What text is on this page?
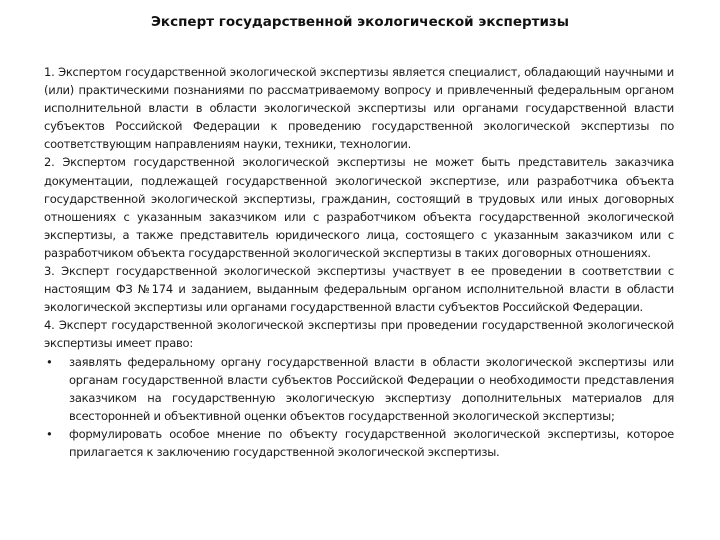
Эксперт государственной экологической экспертизы

1. Экспертом государственной экологической экспертизы является специалист, обладающий научными и (или) практическими познаниями по рассматриваемому вопросу и привлеченный федеральным органом исполнительной власти в области экологической экспертизы или органами государственной власти субъектов Российской Федерации к проведению государственной экологической экспертизы по соответствующим направлениям науки, техники, технологии.

2. Экспертом государственной экологической экспертизы не может быть представитель заказчика документации, подлежащей государственной экологической экспертизе, или разработчика объекта государственной экологической экспертизы, гражданин, состоящий в трудовых или иных договорных отношениях с указанным заказчиком или с разработчиком объекта государственной экологической экспертизы, а также представитель юридического лица, состоящего с указанным заказчиком или с разработчиком объекта государственной экологической экспертизы в таких договорных отношениях.

3. Эксперт государственной экологической экспертизы участвует в ее проведении в соответствии с настоящим ФЗ №174 и заданием, выданным федеральным органом исполнительной власти в области экологической экспертизы или органами государственной власти субъектов Российской Федерации.

4. Эксперт государственной экологической экспертизы при проведении государственной экологической экспертизы имеет право:

•	заявлять федеральному органу государственной власти в области экологической экспертизы или органам государственной власти субъектов Российской Федерации о необходимости представления заказчиком на государственную экологическую экспертизу дополнительных материалов для всесторонней и объективной оценки объектов государственной экологической экспертизы;
•	формулировать особое мнение по объекту государственной экологической экспертизы, которое прилагается к заключению государственной экологической экспертизы.
